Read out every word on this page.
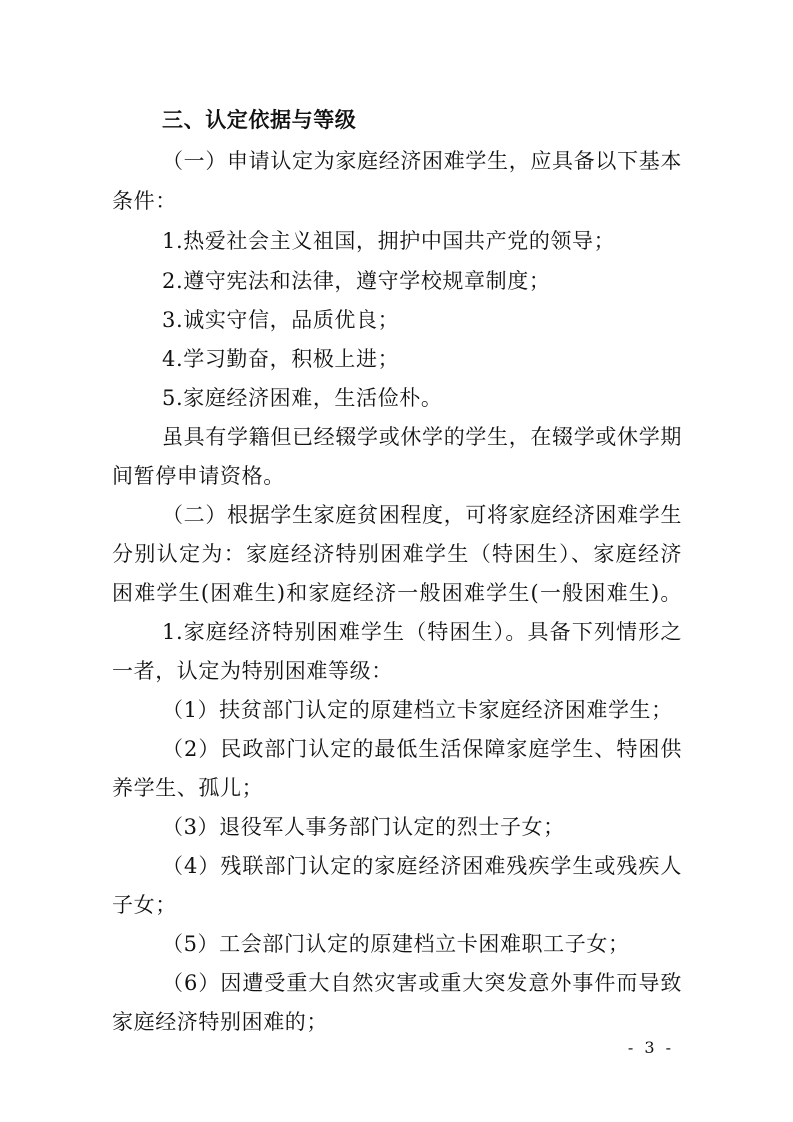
三、认定依据与等级
（一）申请认定为家庭经济困难学生，应具备以下基本
条件：
1.热爱社会主义祖国，拥护中国共产党的领导；
2.遵守宪法和法律，遵守学校规章制度；
3.诚实守信，品质优良；
4.学习勤奋，积极上进；
5.家庭经济困难，生活俭朴。
虽具有学籍但已经辍学或休学的学生，在辍学或休学期
间暂停申请资格。
（二）根据学生家庭贫困程度，可将家庭经济困难学生
分别认定为：家庭经济特别困难学生（特困生）、家庭经济
困难学生(困难生)和家庭经济一般困难学生(一般困难生)。
1.家庭经济特别困难学生（特困生）。具备下列情形之
一者，认定为特别困难等级：
（1）扶贫部门认定的原建档立卡家庭经济困难学生；
（2）民政部门认定的最低生活保障家庭学生、特困供
养学生、孤儿；
（3）退役军人事务部门认定的烈士子女；
（4）残联部门认定的家庭经济困难残疾学生或残疾人
子女；
（5）工会部门认定的原建档立卡困难职工子女；
（6）因遭受重大自然灾害或重大突发意外事件而导致
家庭经济特别困难的；
- 3 -
